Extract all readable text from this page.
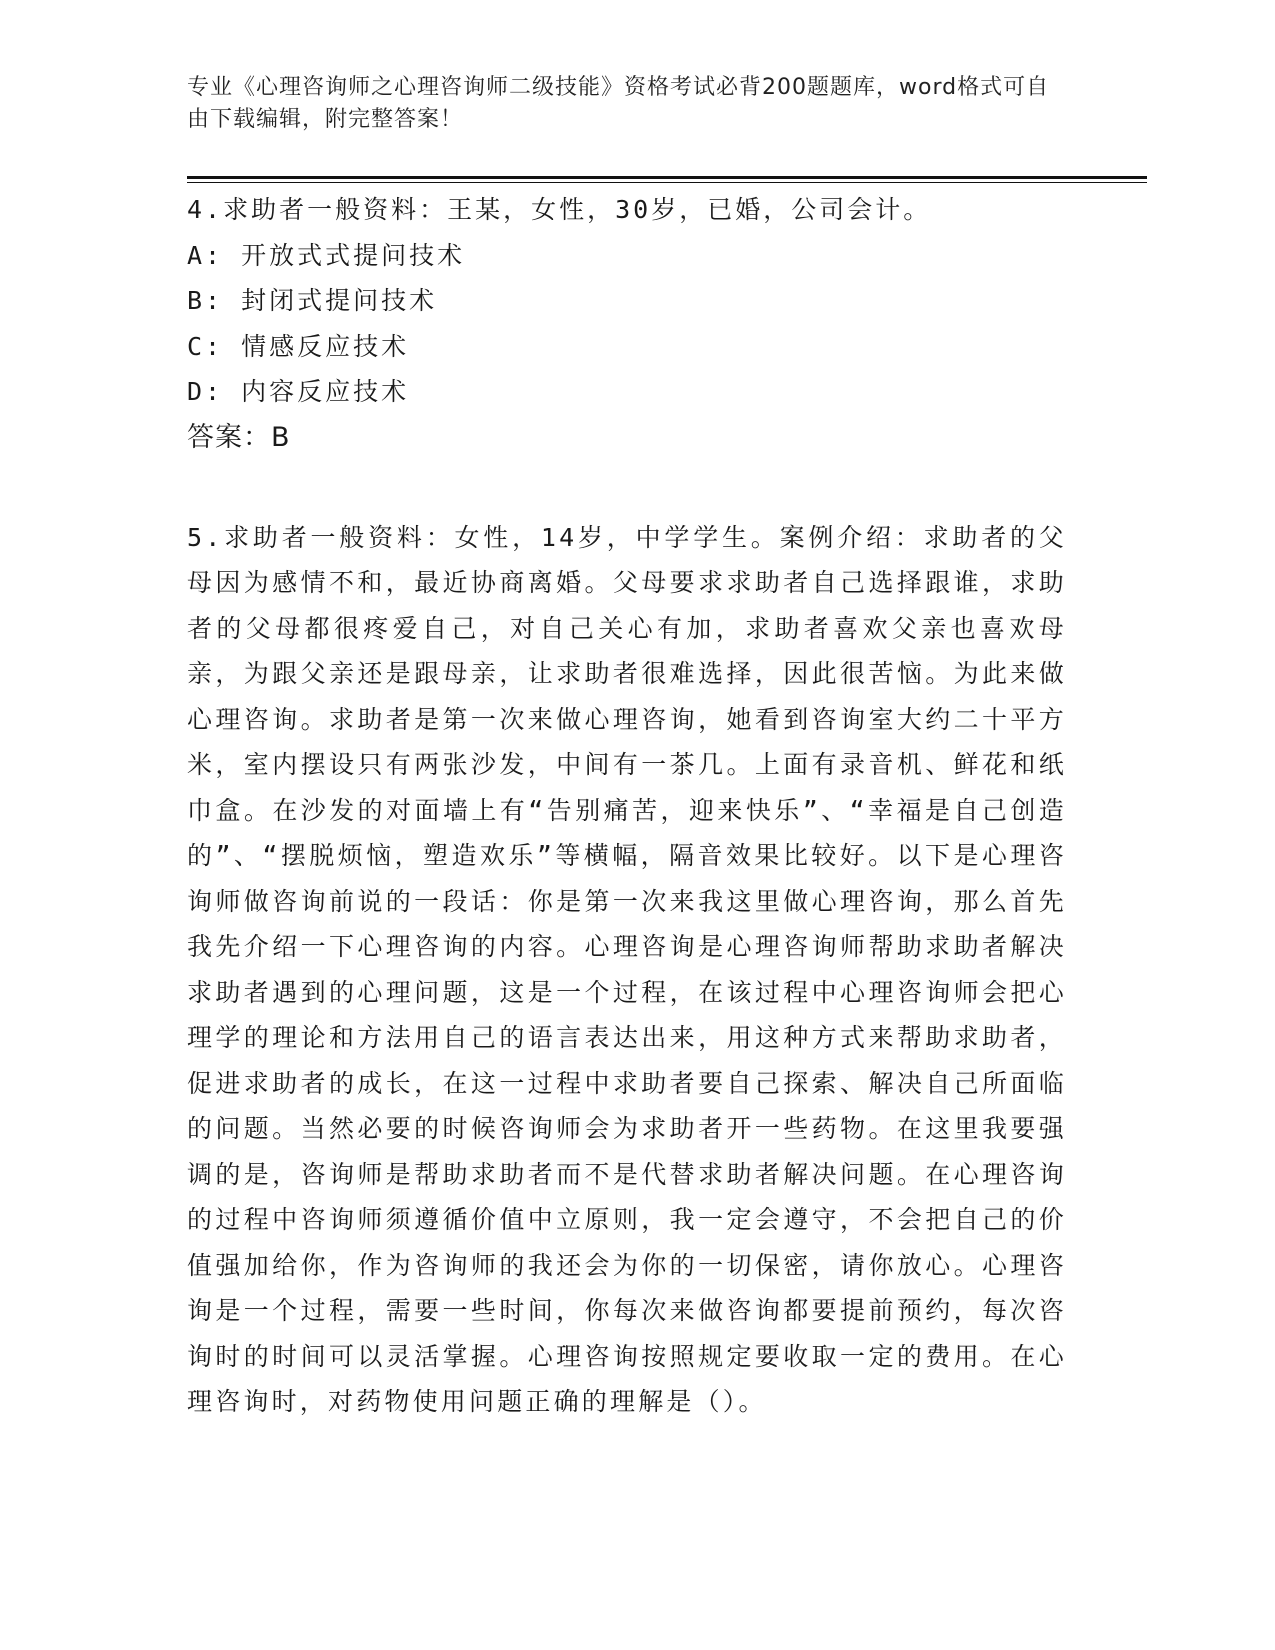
专业《心理咨询师之心理咨询师二级技能》资格考试必背200题题库，word格式可自由下载编辑，附完整答案！
4.求助者一般资料：王某，女性，30岁，已婚，公司会计。
A: 开放式式提问技术
B: 封闭式提问技术
C: 情感反应技术
D: 内容反应技术
答案：B
5.求助者一般资料：女性，14岁，中学学生。案例介绍：求助者的父母因为感情不和，最近协商离婚。父母要求求助者自己选择跟谁，求助者的父母都很疼爱自己，对自己关心有加，求助者喜欢父亲也喜欢母亲，为跟父亲还是跟母亲，让求助者很难选择，因此很苦恼。为此来做心理咨询。求助者是第一次来做心理咨询，她看到咨询室大约二十平方米，室内摆设只有两张沙发，中间有一茶几。上面有录音机、鲜花和纸巾盒。在沙发的对面墙上有“告别痛苦，迎来快乐”、“幸福是自己创造的”、“摆脱烦恼，塑造欢乐”等横幅，隔音效果比较好。以下是心理咨询师做咨询前说的一段话：你是第一次来我这里做心理咨询，那么首先我先介绍一下心理咨询的内容。心理咨询是心理咨询师帮助求助者解决求助者遇到的心理问题，这是一个过程，在该过程中心理咨询师会把心理学的理论和方法用自己的语言表达出来，用这种方式来帮助求助者，促进求助者的成长，在这一过程中求助者要自己探索、解决自己所面临的问题。当然必要的时候咨询师会为求助者开一些药物。在这里我要强调的是，咨询师是帮助求助者而不是代替求助者解决问题。在心理咨询的过程中咨询师须遵循价值中立原则，我一定会遵守，不会把自己的价值强加给你，作为咨询师的我还会为你的一切保密，请你放心。心理咨询是一个过程，需要一些时间，你每次来做咨询都要提前预约，每次咨询时的时间可以灵活掌握。心理咨询按照规定要收取一定的费用。在心理咨询时，对药物使用问题正确的理解是（）。
